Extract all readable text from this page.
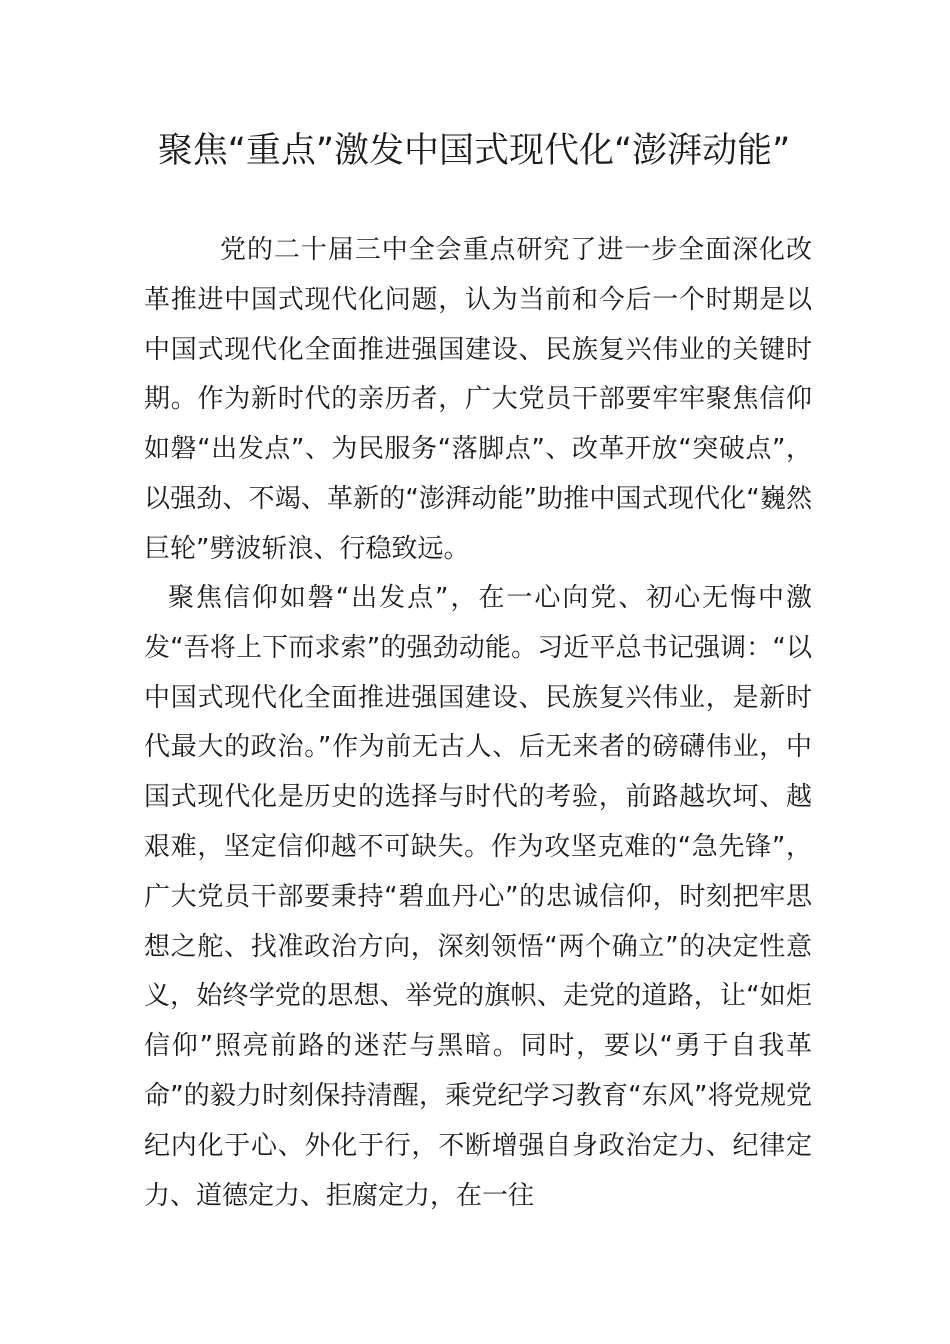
聚焦“重点”激发中国式现代化“澎湃动能”

党的二十届三中全会重点研究了进一步全面深化改革推进中国式现代化问题，认为当前和今后一个时期是以中国式现代化全面推进强国建设、民族复兴伟业的关键时期。作为新时代的亲历者，广大党员干部要牢牢聚焦信仰如磐“出发点”、为民服务“落脚点”、改革开放“突破点”，以强劲、不竭、革新的“澎湃动能”助推中国式现代化“巍然巨轮”劈波斩浪、行稳致远。

聚焦信仰如磐“出发点”，在一心向党、初心无悔中激发“吾将上下而求索”的强劲动能。习近平总书记强调：“以中国式现代化全面推进强国建设、民族复兴伟业，是新时代最大的政治。”作为前无古人、后无来者的磅礴伟业，中国式现代化是历史的选择与时代的考验，前路越坎坷、越艰难，坚定信仰越不可缺失。作为攻坚克难的“急先锋”，广大党员干部要秉持“碧血丹心”的忠诚信仰，时刻把牢思想之舵、找准政治方向，深刻领悟“两个确立”的决定性意义，始终学党的思想、举党的旗帜、走党的道路，让“如炬信仰”照亮前路的迷茫与黑暗。同时，要以“勇于自我革命”的毅力时刻保持清醒，乘党纪学习教育“东风”将党规党纪内化于心、外化于行，不断增强自身政治定力、纪律定力、道德定力、拒腐定力，在一往
